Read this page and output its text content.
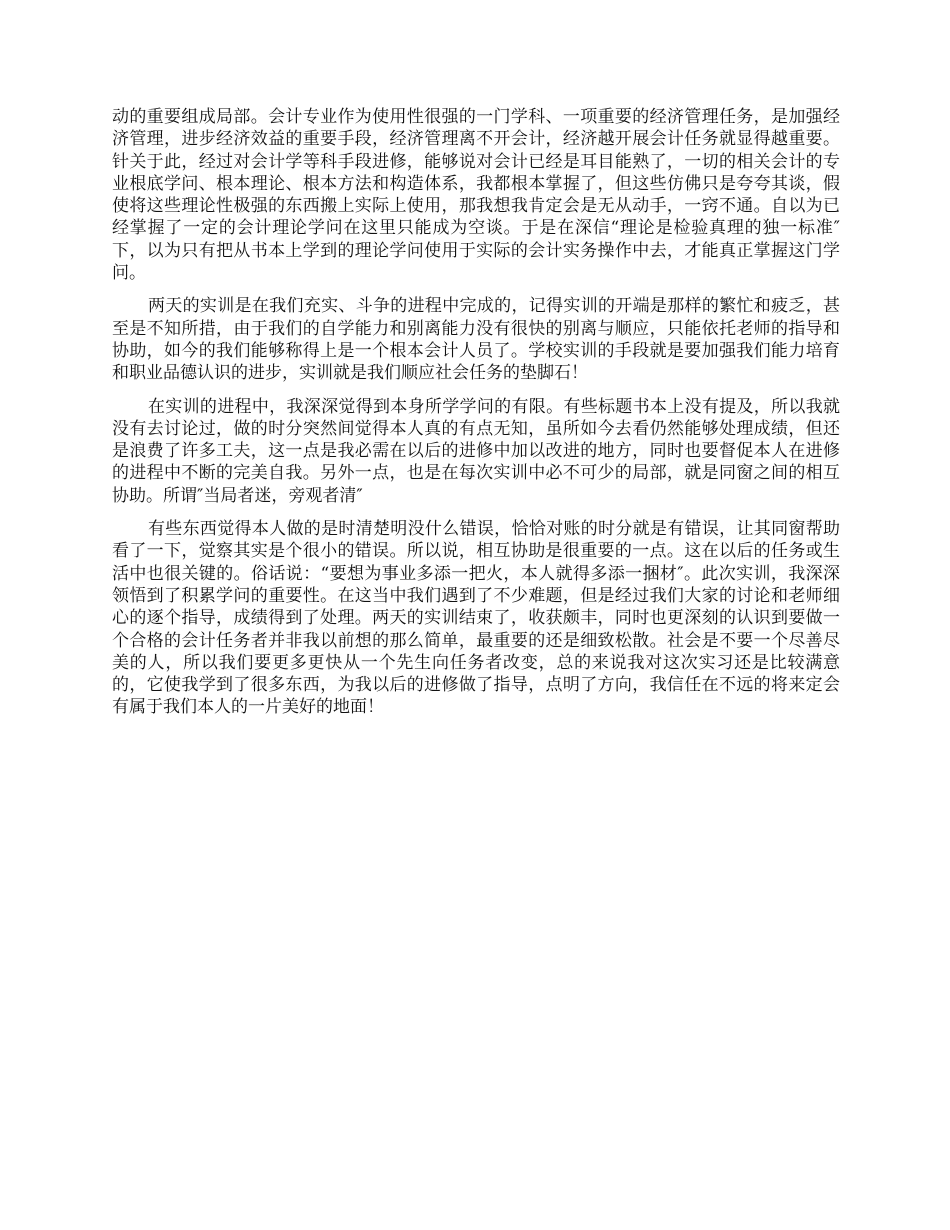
动的重要组成局部。会计专业作为使用性很强的一门学科、一项重要的经济管理任务，是加强经济管理，进步经济效益的重要手段，经济管理离不开会计，经济越开展会计任务就显得越重要。针关于此，经过对会计学等科手段进修，能够说对会计已经是耳目能熟了，一切的相关会计的专业根底学问、根本理论、根本方法和构造体系，我都根本掌握了，但这些仿佛只是夸夸其谈，假使将这些理论性极强的东西搬上实际上使用，那我想我肯定会是无从动手，一窍不通。自以为已经掌握了一定的会计理论学问在这里只能成为空谈。于是在深信“理论是检验真理的独一标准″下，以为只有把从书本上学到的理论学问使用于实际的会计实务操作中去，才能真正掌握这门学问。

两天的实训是在我们充实、斗争的进程中完成的，记得实训的开端是那样的繁忙和疲乏，甚至是不知所措，由于我们的自学能力和别离能力没有很快的别离与顺应，只能依托老师的指导和协助，如今的我们能够称得上是一个根本会计人员了。学校实训的手段就是要加强我们能力培育和职业品德认识的进步，实训就是我们顺应社会任务的垫脚石！

在实训的进程中，我深深觉得到本身所学学问的有限。有些标题书本上没有提及，所以我就没有去讨论过，做的时分突然间觉得本人真的有点无知，虽所如今去看仍然能够处理成绩，但还是浪费了许多工夫，这一点是我必需在以后的进修中加以改进的地方，同时也要督促本人在进修的进程中不断的完美自我。另外一点，也是在每次实训中必不可少的局部，就是同窗之间的相互协助。所谓″当局者迷，旁观者清″

有些东西觉得本人做的是时清楚明没什么错误，恰恰对账的时分就是有错误，让其同窗帮助看了一下，觉察其实是个很小的错误。所以说，相互协助是很重要的一点。这在以后的任务或生活中也很关键的。俗话说：“要想为事业多添一把火，本人就得多添一捆材″。此次实训，我深深领悟到了积累学问的重要性。在这当中我们遇到了不少难题，但是经过我们大家的讨论和老师细心的逐个指导，成绩得到了处理。两天的实训结束了，收获颇丰，同时也更深刻的认识到要做一个合格的会计任务者并非我以前想的那么简单，最重要的还是细致松散。社会是不要一个尽善尽美的人，所以我们要更多更快从一个先生向任务者改变，总的来说我对这次实习还是比较满意的，它使我学到了很多东西，为我以后的进修做了指导，点明了方向，我信任在不远的将来定会有属于我们本人的一片美好的地面！
